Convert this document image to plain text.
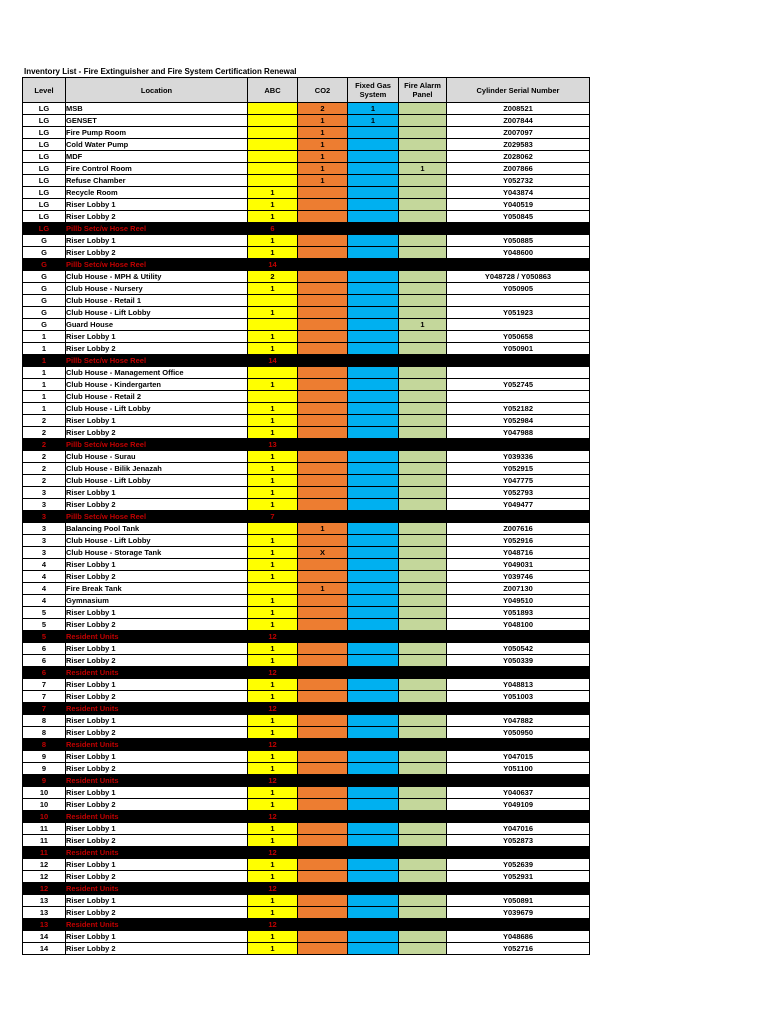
Inventory List - Fire Extinguisher and Fire System Certification Renewal
Level	Location	ABC	CO2	Fixed Gas System	Fire Alarm Panel	Cylinder Serial Number
LG	MSB		2	1		Z008521
LG	GENSET		1	1		Z007844
LG	Fire Pump Room		1			Z007097
LG	Cold Water Pump		1			Z029583
LG	MDF		1			Z028062
LG	Fire Control Room		1		1	Z007866
LG	Refuse Chamber		1			Y052732
LG	Recycle Room	1				Y043874
LG	Riser Lobby 1	1				Y040519
LG	Riser Lobby 2	1				Y050845
LG	Pillb Setc/w Hose Reel	6				
G	Riser Lobby 1	1				Y050885
G	Riser Lobby 2	1				Y048600
G	Pillb Setc/w Hose Reel	14				
G	Club House - MPH & Utility	2				Y048728 / Y050863
G	Club House - Nursery	1				Y050905
G	Club House - Retail 1					
G	Club House - Lift Lobby	1				Y051923
G	Guard House				1	
1	Riser Lobby 1	1				Y050658
1	Riser Lobby 2	1				Y050901
1	Pillb Setc/w Hose Reel	14				
1	Club House - Management Office					
1	Club House - Kindergarten	1				Y052745
1	Club House - Retail 2					
1	Club House - Lift Lobby	1				Y052182
2	Riser Lobby 1	1				Y052984
2	Riser Lobby 2	1				Y047988
2	Pillb Setc/w Hose Reel	13				
2	Club House - Surau	1				Y039336
2	Club House - Bilik Jenazah	1				Y052915
2	Club House - Lift Lobby	1				Y047775
3	Riser Lobby 1	1				Y052793
3	Riser Lobby 2	1				Y049477
3	Pillb Setc/w Hose Reel	7				
3	Balancing Pool Tank		1			Z007616
3	Club House - Lift Lobby	1				Y052916
3	Club House - Storage Tank	1	X			Y048716
4	Riser Lobby 1	1				Y049031
4	Riser Lobby 2	1				Y039746
4	Fire Break Tank		1			Z007130
4	Gymnasium	1				Y049510
5	Riser Lobby 1	1				Y051893
5	Riser Lobby 2	1				Y048100
5	Resident Units	12				
6	Riser Lobby 1	1				Y050542
6	Riser Lobby 2	1				Y050339
6	Resident Units	12				
7	Riser Lobby 1	1				Y048813
7	Riser Lobby 2	1				Y051003
7	Resident Units	12				
8	Riser Lobby 1	1				Y047882
8	Riser Lobby 2	1				Y050950
8	Resident Units	12				
9	Riser Lobby 1	1				Y047015
9	Riser Lobby 2	1				Y051100
9	Resident Units	12				
10	Riser Lobby 1	1				Y040637
10	Riser Lobby 2	1				Y049109
10	Resident Units	12				
11	Riser Lobby 1	1				Y047016
11	Riser Lobby 2	1				Y052873
11	Resident Units	12				
12	Riser Lobby 1	1				Y052639
12	Riser Lobby 2	1				Y052931
12	Resident Units	12				
13	Riser Lobby 1	1				Y050891
13	Riser Lobby 2	1				Y039679
13	Resident Units	12				
14	Riser Lobby 1	1				Y048686
14	Riser Lobby 2	1				Y052716
